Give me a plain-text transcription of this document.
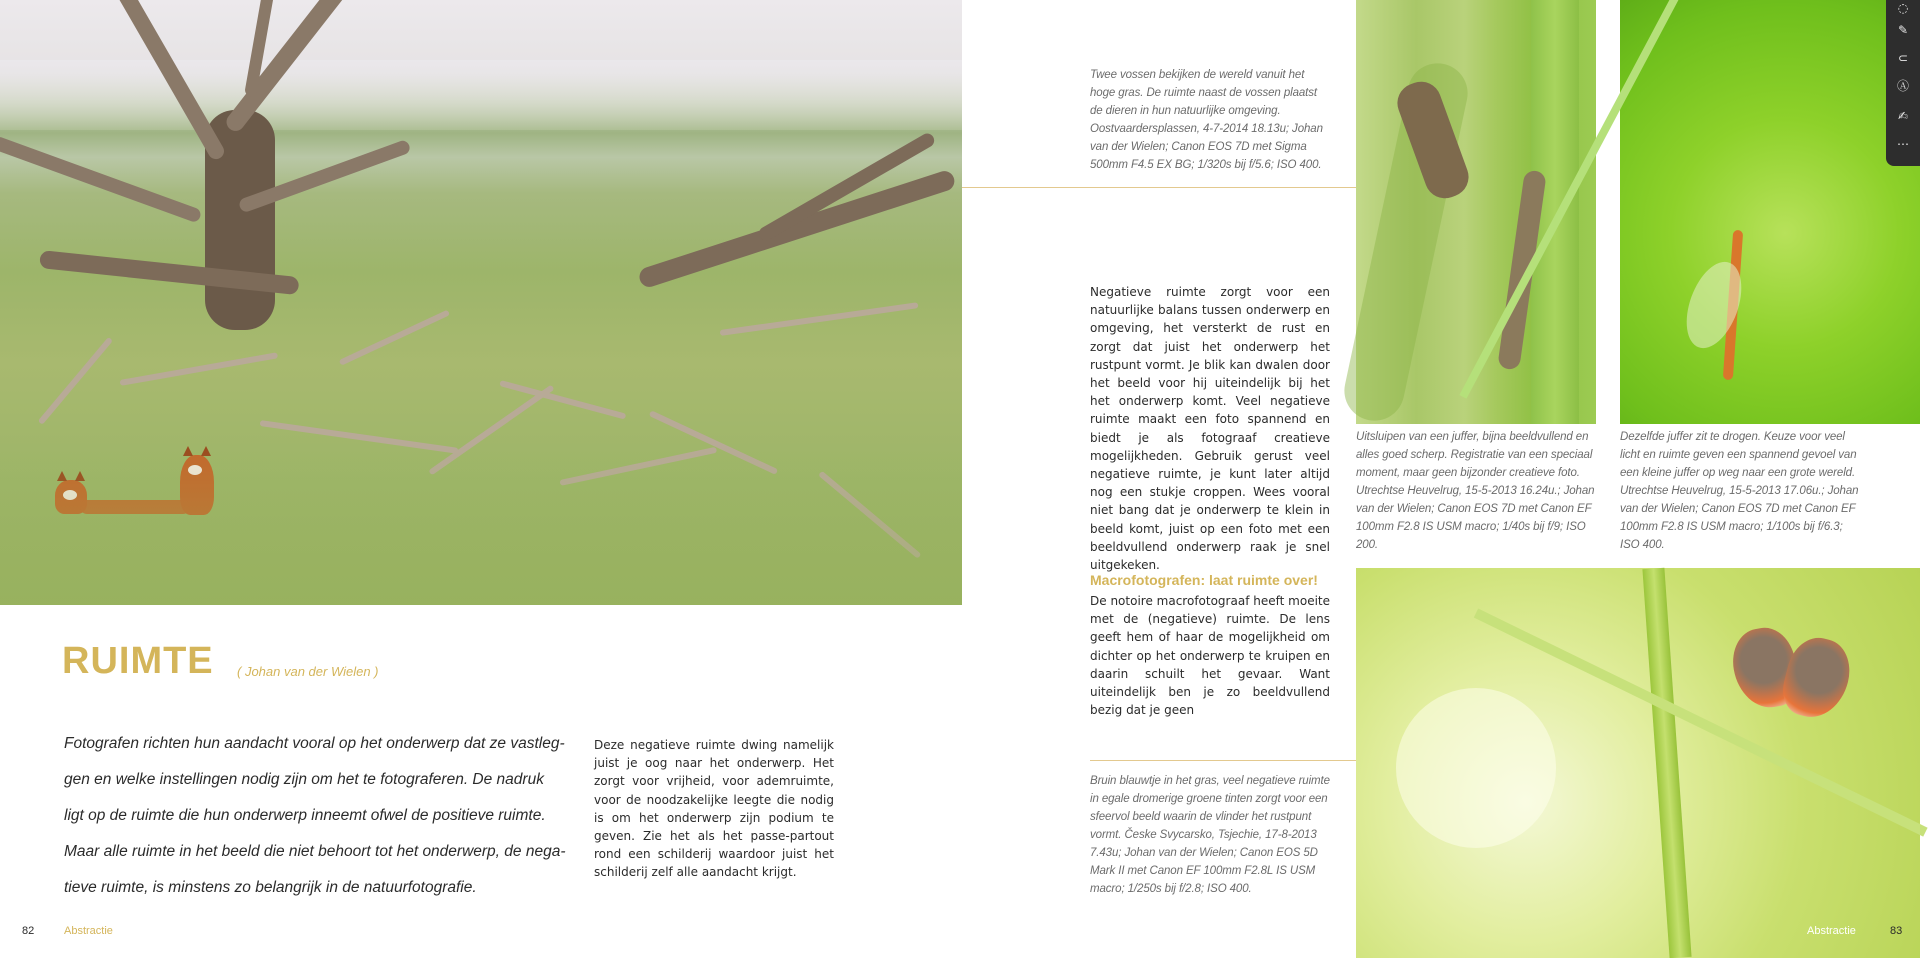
RUIMTE ( Johan van der Wielen )
Fotografen richten hun aandacht vooral op het onderwerp dat ze vastleg-
gen en welke instellingen nodig zijn om het te fotograferen. De nadruk
ligt op de ruimte die hun onderwerp inneemt ofwel de positieve ruimte.
Maar alle ruimte in het beeld die niet behoort tot het onderwerp, de nega-
tieve ruimte, is minstens zo belangrijk in de natuurfotografie.
Deze negatieve ruimte dwing namelijk juist je oog naar het onderwerp. Het zorgt voor vrijheid, voor ademruimte, voor de noodzakelijke leegte die nodig is om het onderwerp zijn podium te geven. Zie het als het passe-partout rond een schilderij waardoor juist het schilderij zelf alle aandacht krijgt.
82	Abstractie
Twee vossen bekijken de wereld vanuit het hoge gras. De ruimte naast de vossen plaatst de dieren in hun natuurlijke omgeving. Oostvaardersplassen, 4-7-2014 18.13u; Johan van der Wielen; Canon EOS 7D met Sigma 500mm F4.5 EX BG; 1/320s bij f/5.6; ISO 400.
Negatieve ruimte zorgt voor een natuurlijke balans tussen onderwerp en omgeving, het versterkt de rust en zorgt dat juist het onderwerp het rustpunt vormt. Je blik kan dwalen door het beeld voor hij uiteindelijk bij het het onderwerp komt. Veel negatieve ruimte maakt een foto spannend en biedt je als fotograaf creatieve mogelijkheden. Gebruik gerust veel negatieve ruimte, je kunt later altijd nog een stukje croppen. Wees vooral niet bang dat je onderwerp te klein in beeld komt, juist op een foto met een beeldvullend onderwerp raak je snel uitgekeken.
Macrofotografen: laat ruimte over!
De notoire macrofotograaf heeft moeite met de (negatieve) ruimte. De lens geeft hem of haar de mogelijkheid om dichter op het onderwerp te kruipen en daarin schuilt het gevaar. Want uiteindelijk ben je zo beeldvullend bezig dat je geen
Bruin blauwtje in het gras, veel negatieve ruimte in egale dromerige groene tinten zorgt voor een sfeervol beeld waarin de vlinder het rustpunt vormt. Česke Svycarsko, Tsjechie, 17-8-2013 7.43u; Johan van der Wielen; Canon EOS 5D Mark II met Canon EF 100mm F2.8L IS USM macro; 1/250s bij f/2.8; ISO 400.
Uitsluipen van een juffer, bijna beeldvullend en alles goed scherp. Registratie van een speciaal moment, maar geen bijzonder creatieve foto. Utrechtse Heuvelrug, 15-5-2013 16.24u.; Johan van der Wielen; Canon EOS 7D met Canon EF 100mm F2.8 IS USM macro; 1/40s bij f/9; ISO 200.
Dezelfde juffer zit te drogen. Keuze voor veel licht en ruimte geven een spannend gevoel van een kleine juffer op weg naar een grote wereld. Utrechtse Heuvelrug, 15-5-2013 17.06u.; Johan van der Wielen; Canon EOS 7D met Canon EF 100mm F2.8 IS USM macro; 1/100s bij f/6.3; ISO 400.
Abstractie	83
◌
✎
⊂
Ⓐ
✍
⋯
